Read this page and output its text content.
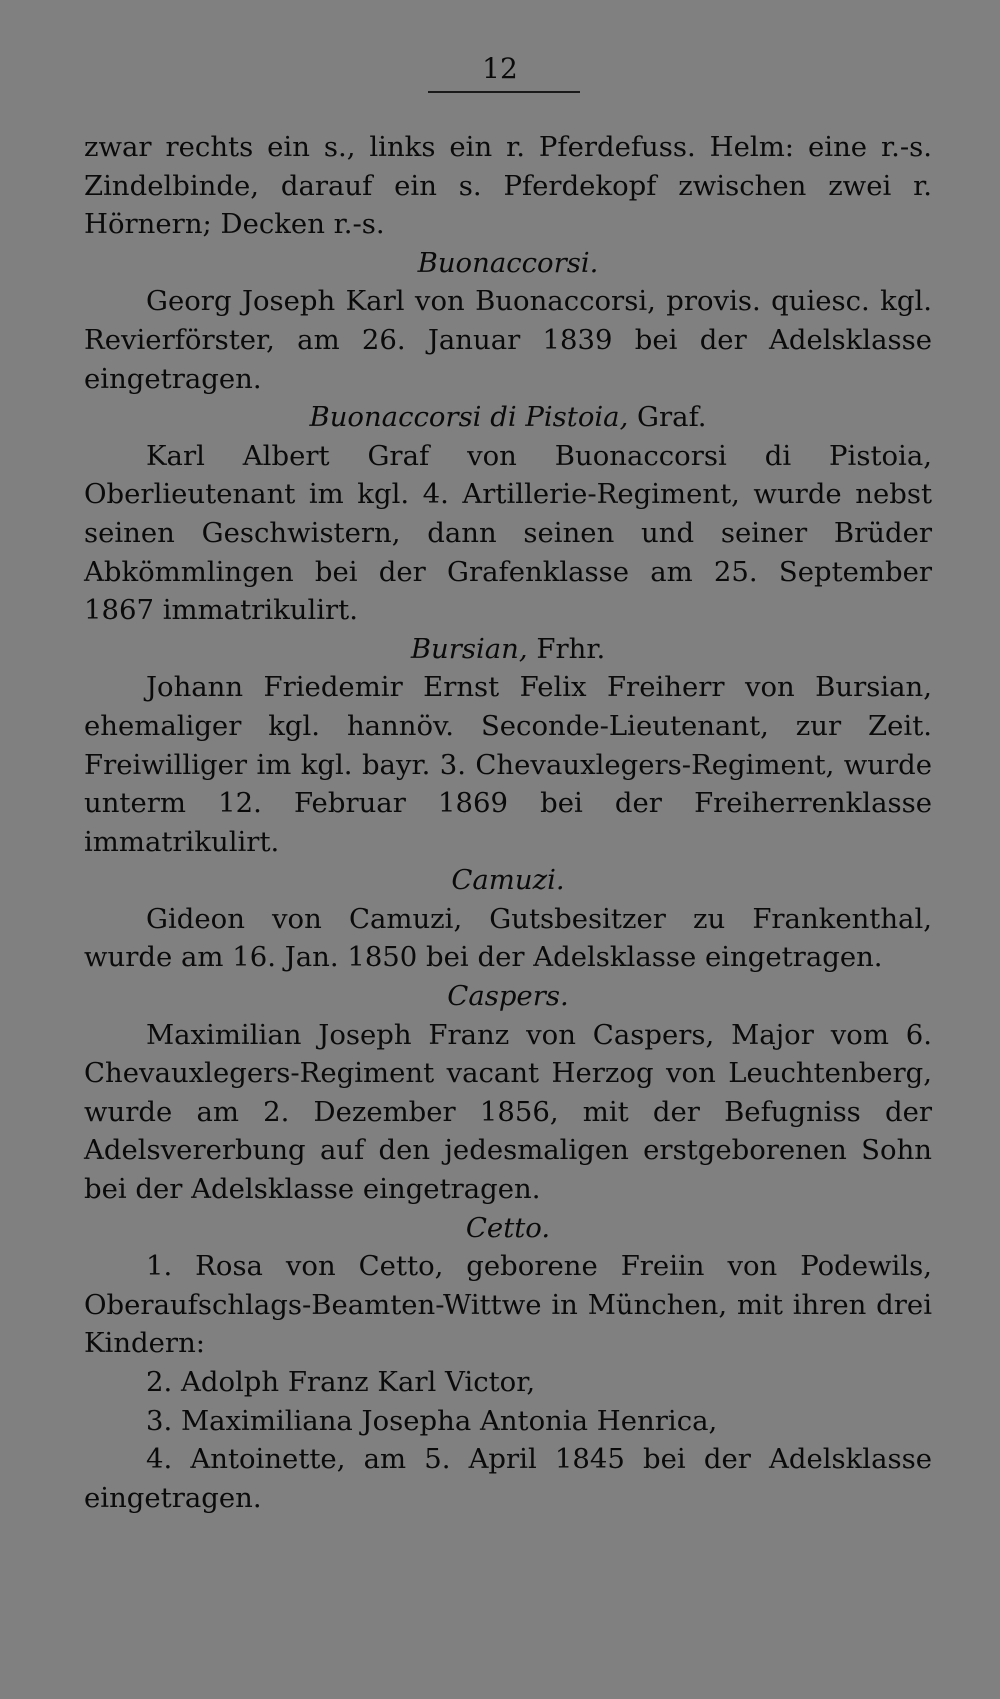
12

zwar rechts ein s., links ein r. Pferdefuss. Helm: eine r.-s. Zindelbinde, darauf ein s. Pferdekopf zwischen zwei r. Hörnern; Decken r.-s.

Buonaccorsi.

Georg Joseph Karl von Buonaccorsi, provis. quiesc. kgl. Revierförster, am 26. Januar 1839 bei der Adelsklasse eingetragen.

Buonaccorsi di Pistoia, Graf.

Karl Albert Graf von Buonaccorsi di Pistoia, Oberlieutenant im kgl. 4. Artillerie-Regiment, wurde nebst seinen Geschwistern, dann seinen und seiner Brüder Abkömmlingen bei der Grafenklasse am 25. September 1867 immatrikulirt.

Bursian, Frhr.

Johann Friedemir Ernst Felix Freiherr von Bursian, ehemaliger kgl. hannöv. Seconde-Lieutenant, zur Zeit. Freiwilliger im kgl. bayr. 3. Chevauxlegers-Regiment, wurde unterm 12. Februar 1869 bei der Freiherrenklasse immatrikulirt.

Camuzi.

Gideon von Camuzi, Gutsbesitzer zu Frankenthal, wurde am 16. Jan. 1850 bei der Adelsklasse eingetragen.

Caspers.

Maximilian Joseph Franz von Caspers, Major vom 6. Chevauxlegers-Regiment vacant Herzog von Leuchtenberg, wurde am 2. Dezember 1856, mit der Befugniss der Adelsvererbung auf den jedesmaligen erstgeborenen Sohn bei der Adelsklasse eingetragen.

Cetto.

1. Rosa von Cetto, geborene Freiin von Podewils, Oberaufschlags-Beamten-Wittwe in München, mit ihren drei Kindern:

2. Adolph Franz Karl Victor,

3. Maximiliana Josepha Antonia Henrica,

4. Antoinette, am 5. April 1845 bei der Adelsklasse eingetragen.
